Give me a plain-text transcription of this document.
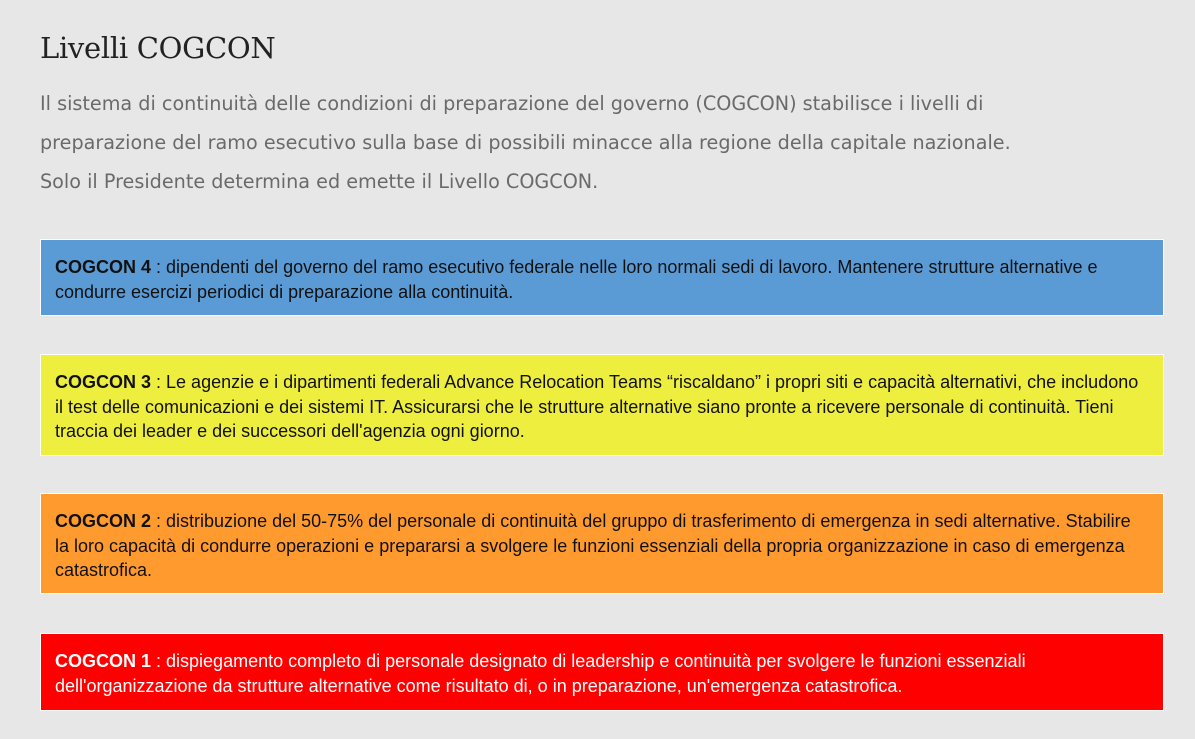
Livelli COGCON

Il sistema di continuità delle condizioni di preparazione del governo (COGCON) stabilisce i livelli di preparazione del ramo esecutivo sulla base di possibili minacce alla regione della capitale nazionale. Solo il Presidente determina ed emette il Livello COGCON.

COGCON 4 : dipendenti del governo del ramo esecutivo federale nelle loro normali sedi di lavoro. Mantenere strutture alternative e condurre esercizi periodici di preparazione alla continuità.
COGCON 3 : Le agenzie e i dipartimenti federali Advance Relocation Teams “riscaldano” i propri siti e capacità alternativi, che includono il test delle comunicazioni e dei sistemi IT. Assicurarsi che le strutture alternative siano pronte a ricevere personale di continuità. Tieni traccia dei leader e dei successori dell'agenzia ogni giorno.
COGCON 2 : distribuzione del 50-75% del personale di continuità del gruppo di trasferimento di emergenza in sedi alternative. Stabilire la loro capacità di condurre operazioni e prepararsi a svolgere le funzioni essenziali della propria organizzazione in caso di emergenza catastrofica.
COGCON 1 : dispiegamento completo di personale designato di leadership e continuità per svolgere le funzioni essenziali dell'organizzazione da strutture alternative come risultato di, o in preparazione, un'emergenza catastrofica.
